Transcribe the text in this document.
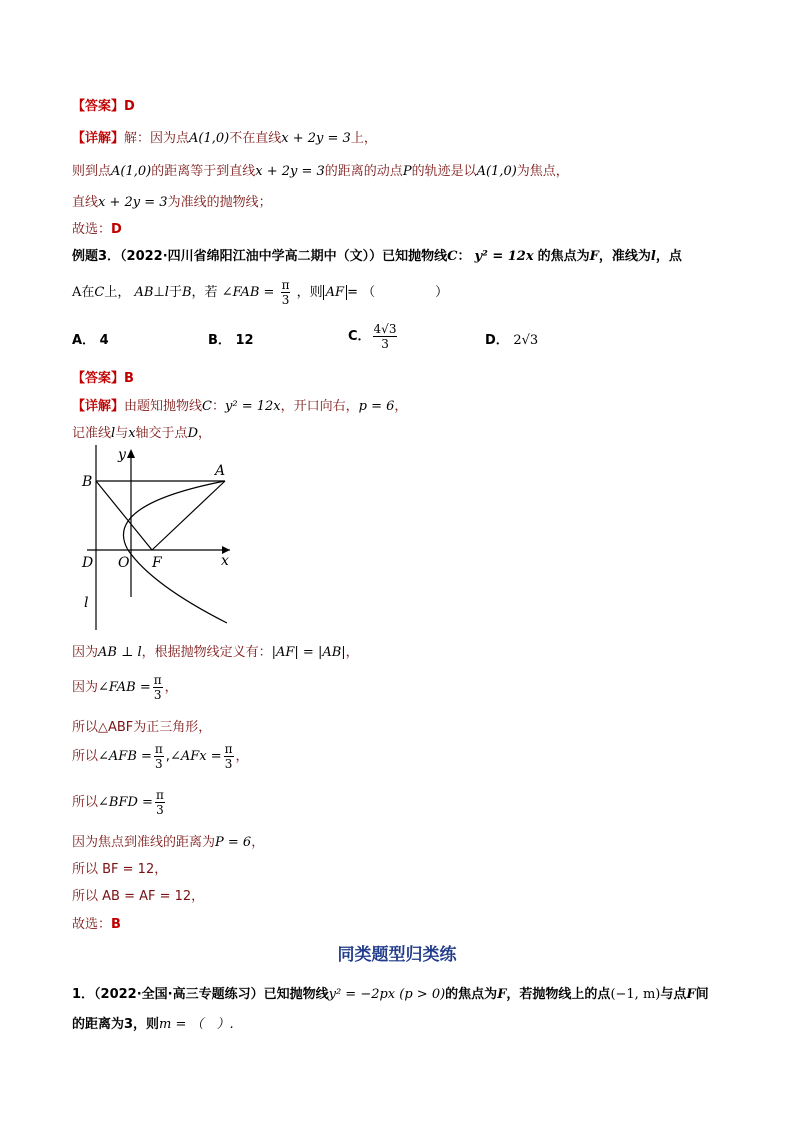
【答案】D
【详解】解：因为点A(1,0)不在直线x + 2y = 3上，
则到点A(1,0)的距离等于到直线x + 2y = 3的距离的动点P的轨迹是以A(1,0)为焦点，
直线x + 2y = 3为准线的抛物线；
故选：D
例题3．（2022·四川省绵阳江油中学高二期中（文））已知抛物线C： y² = 12x 的焦点为F，准线为l，点
A在C上， AB⊥l于B，若 ∠FAB = $\frac{\pi}{3}$ ，则 AF = （	）
A． 4	B． 12	C． $\frac{4√3}{3}$	D． 2√3
【答案】B
【详解】由题知抛物线C：y² = 12x，开口向右，p = 6，
记准线l与x轴交于点D，
y
A
B
D O F	x
l
因为AB ⊥ l，根据抛物线定义有：|AF| = |AB|，
因为∠FAB = $\frac{\pi}{3}$ ，
所以△ABF为正三角形，
所以∠AFB = $\frac{\pi}{3}$ ,∠AFx = $\frac{\pi}{3}$ ，
所以∠BFD = $\frac{\pi}{3}$
因为焦点到准线的距离为P = 6，
所以 BF = 12，
所以 AB = AF = 12，
故选：B
同类题型归类练
1．（2022·全国·高三专题练习）已知抛物线y² = −2px (p > 0)的焦点为F，若抛物线上的点(−1, m)与点F间
的距离为3，则m = （　）.
